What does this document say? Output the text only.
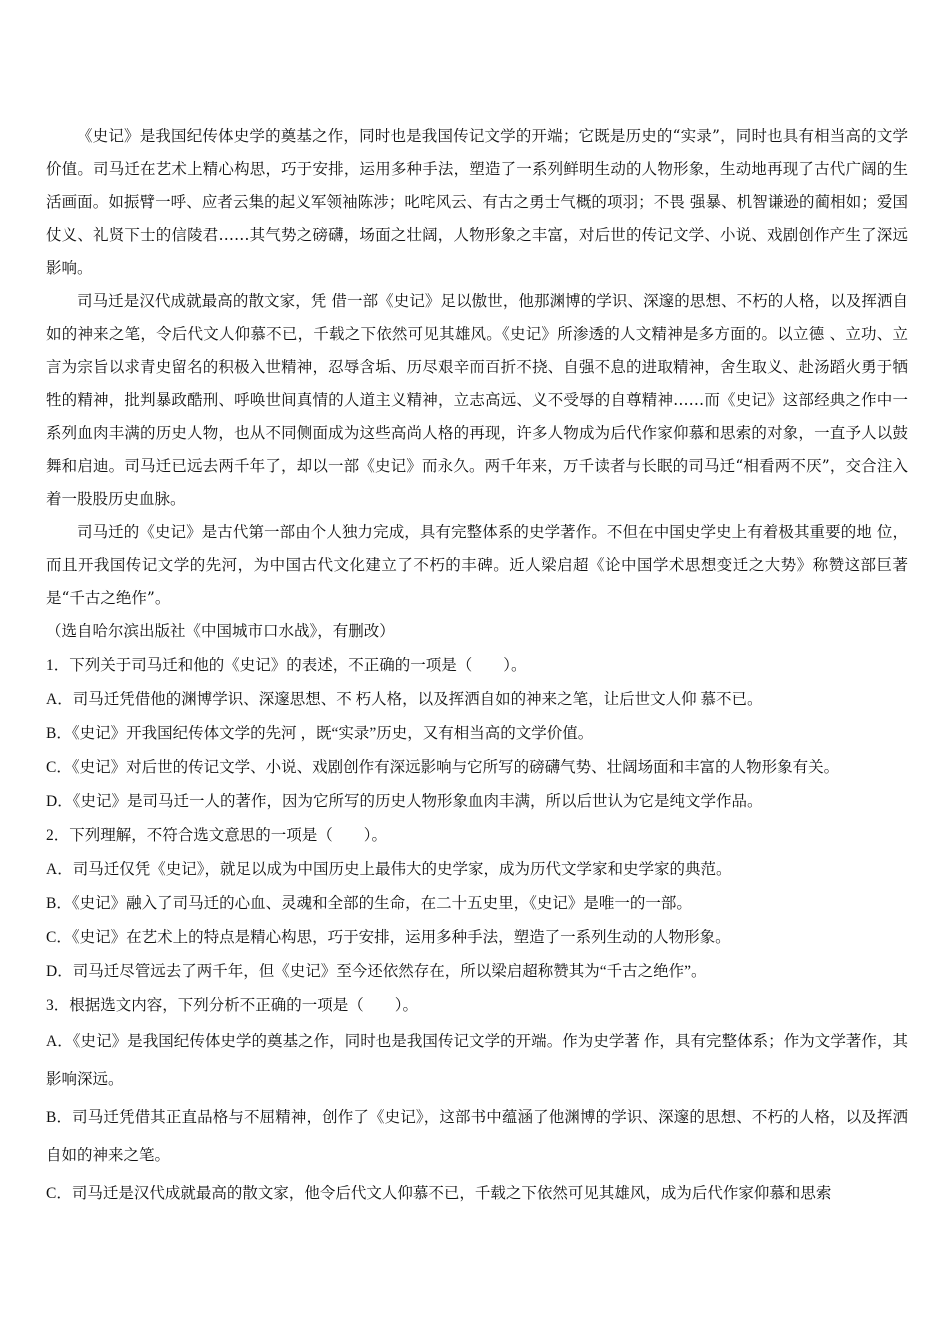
《史记》是我国纪传体史学的奠基之作，同时也是我国传记文学的开端；它既是历史的“实录”，同时也具有相当高的文学价值。司马迁在艺术上精心构思，巧于安排，运用多种手法，塑造了一系列鲜明生动的人物形象，生动地再现了古代广阔的生活画面。如振臂一呼、应者云集的起义军领袖陈涉；叱咤风云、有古之勇士气概的项羽；不畏 强暴、机智谦逊的蔺相如；爱国仗义、礼贤下士的信陵君……其气势之磅礴，场面之壮阔，人物形象之丰富，对后世的传记文学、小说、戏剧创作产生了深远影响。

司马迁是汉代成就最高的散文家，凭 借一部《史记》足以傲世，他那渊博的学识、深邃的思想、不朽的人格，以及挥洒自如的神来之笔，令后代文人仰慕不已，千载之下依然可见其雄风。《史记》所渗透的人文精神是多方面的。以立德 、立功、立言为宗旨以求青史留名的积极入世精神，忍辱含垢、历尽艰辛而百折不挠、自强不息的进取精神，舍生取义、赴汤蹈火勇于牺牲的精神，批判暴政酷刑、呼唤世间真情的人道主义精神，立志高远、义不受辱的自尊精神……而《史记》这部经典之作中一系列血肉丰满的历史人物，也从不同侧面成为这些高尚人格的再现，许多人物成为后代作家仰慕和思索的对象，一直予人以鼓舞和启迪。司马迁已远去两千年了，却以一部《史记》而永久。两千年来，万千读者与长眠的司马迁“相看两不厌”，交合注入着一股股历史血脉。

司马迁的《史记》是古代第一部由个人独力完成，具有完整体系的史学著作。不但在中国史学史上有着极其重要的地 位，而且开我国传记文学的先河，为中国古代文化建立了不朽的丰碑。近人梁启超《论中国学术思想变迁之大势》称赞这部巨著是“千古之绝作”。

（选自哈尔滨出版社《中国城市口水战》，有删改）

1．下列关于司马迁和他的《史记》的表述，不正确的一项是（　　）。

A．司马迁凭借他的渊博学识、深邃思想、不 朽人格，以及挥洒自如的神来之笔，让后世文人仰 慕不已。

B．《史记》开我国纪传体文学的先河 ，既“实录”历史，又有相当高的文学价值。

C．《史记》对后世的传记文学、小说、戏剧创作有深远影响与它所写的磅礴气势、壮阔场面和丰富的人物形象有关。

D．《史记》是司马迁一人的著作，因为它所写的历史人物形象血肉丰满，所以后世认为它是纯文学作品。

2．下列理解，不符合选文意思的一项是（　　）。

A．司马迁仅凭《史记》，就足以成为中国历史上最伟大的史学家，成为历代文学家和史学家的典范。

B．《史记》融入了司马迁的心血、灵魂和全部的生命，在二十五史里，《史记》是唯一的一部。

C．《史记》在艺术上的特点是精心构思，巧于安排，运用多种手法，塑造了一系列生动的人物形象。

D．司马迁尽管远去了两千年，但《史记》至今还依然存在，所以梁启超称赞其为“千古之绝作”。

3．根据选文内容，下列分析不正确的一项是（　　）。

A．《史记》是我国纪传体史学的奠基之作，同时也是我国传记文学的开端。作为史学著 作，具有完整体系；作为文学著作，其影响深远。

B．司马迁凭借其正直品格与不屈精神，创作了《史记》，这部书中蕴涵了他渊博的学识、深邃的思想、不朽的人格，以及挥洒自如的神来之笔。

C．司马迁是汉代成就最高的散文家，他令后代文人仰慕不已，千载之下依然可见其雄风，成为后代作家仰慕和思索
